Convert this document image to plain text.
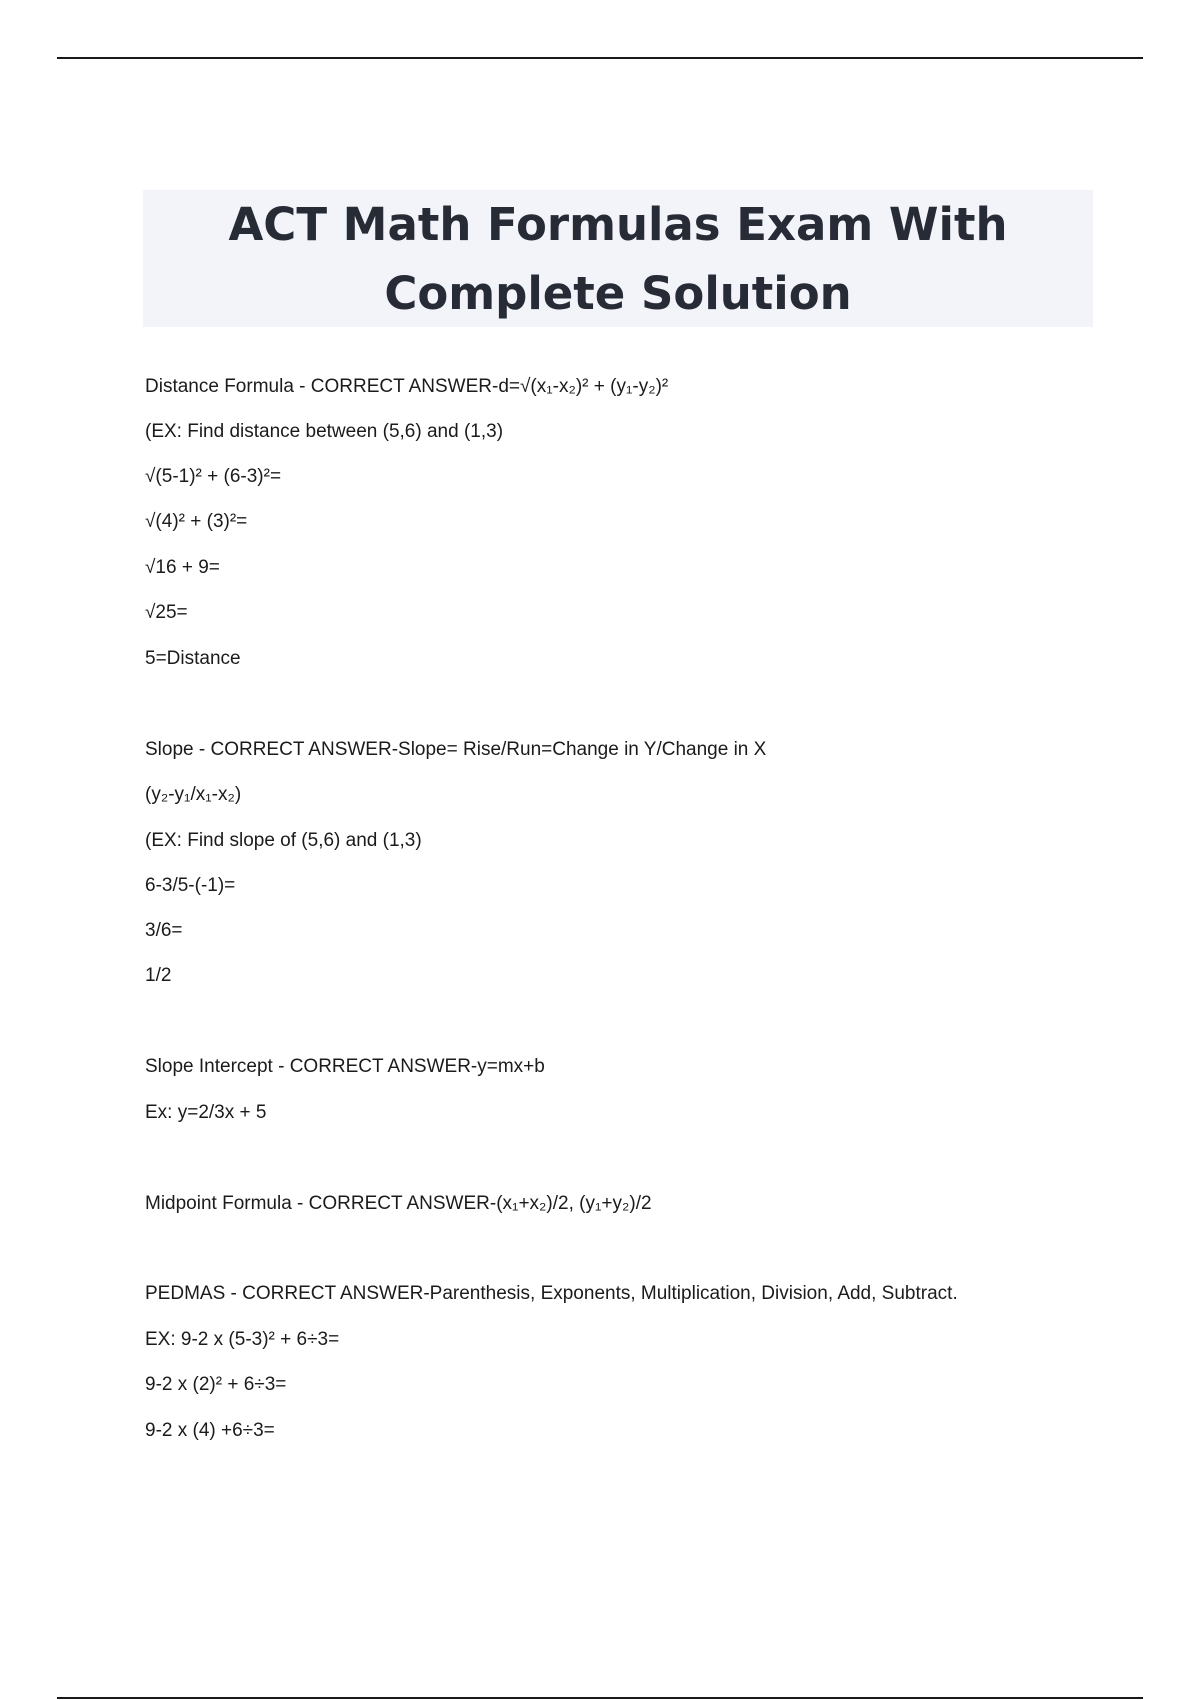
ACT Math Formulas Exam With
Complete Solution
Distance Formula - CORRECT ANSWER-d=√(x₁-x₂)² + (y₁-y₂)²
(EX: Find distance between (5,6) and (1,3)
√(5-1)² + (6-3)²=
√(4)² + (3)²=
√16 + 9=
√25=
5=Distance
Slope - CORRECT ANSWER-Slope= Rise/Run=Change in Y/Change in X
(y₂-y₁/x₁-x₂)
(EX: Find slope of (5,6) and (1,3)
6-3/5-(-1)=
3/6=
1/2
Slope Intercept - CORRECT ANSWER-y=mx+b
Ex: y=2/3x + 5
Midpoint Formula - CORRECT ANSWER-(x₁+x₂)/2, (y₁+y₂)/2
PEDMAS - CORRECT ANSWER-Parenthesis, Exponents, Multiplication, Division, Add, Subtract.
EX: 9-2 x (5-3)² + 6÷3=
9-2 x (2)² + 6÷3=
9-2 x (4) +6÷3=
